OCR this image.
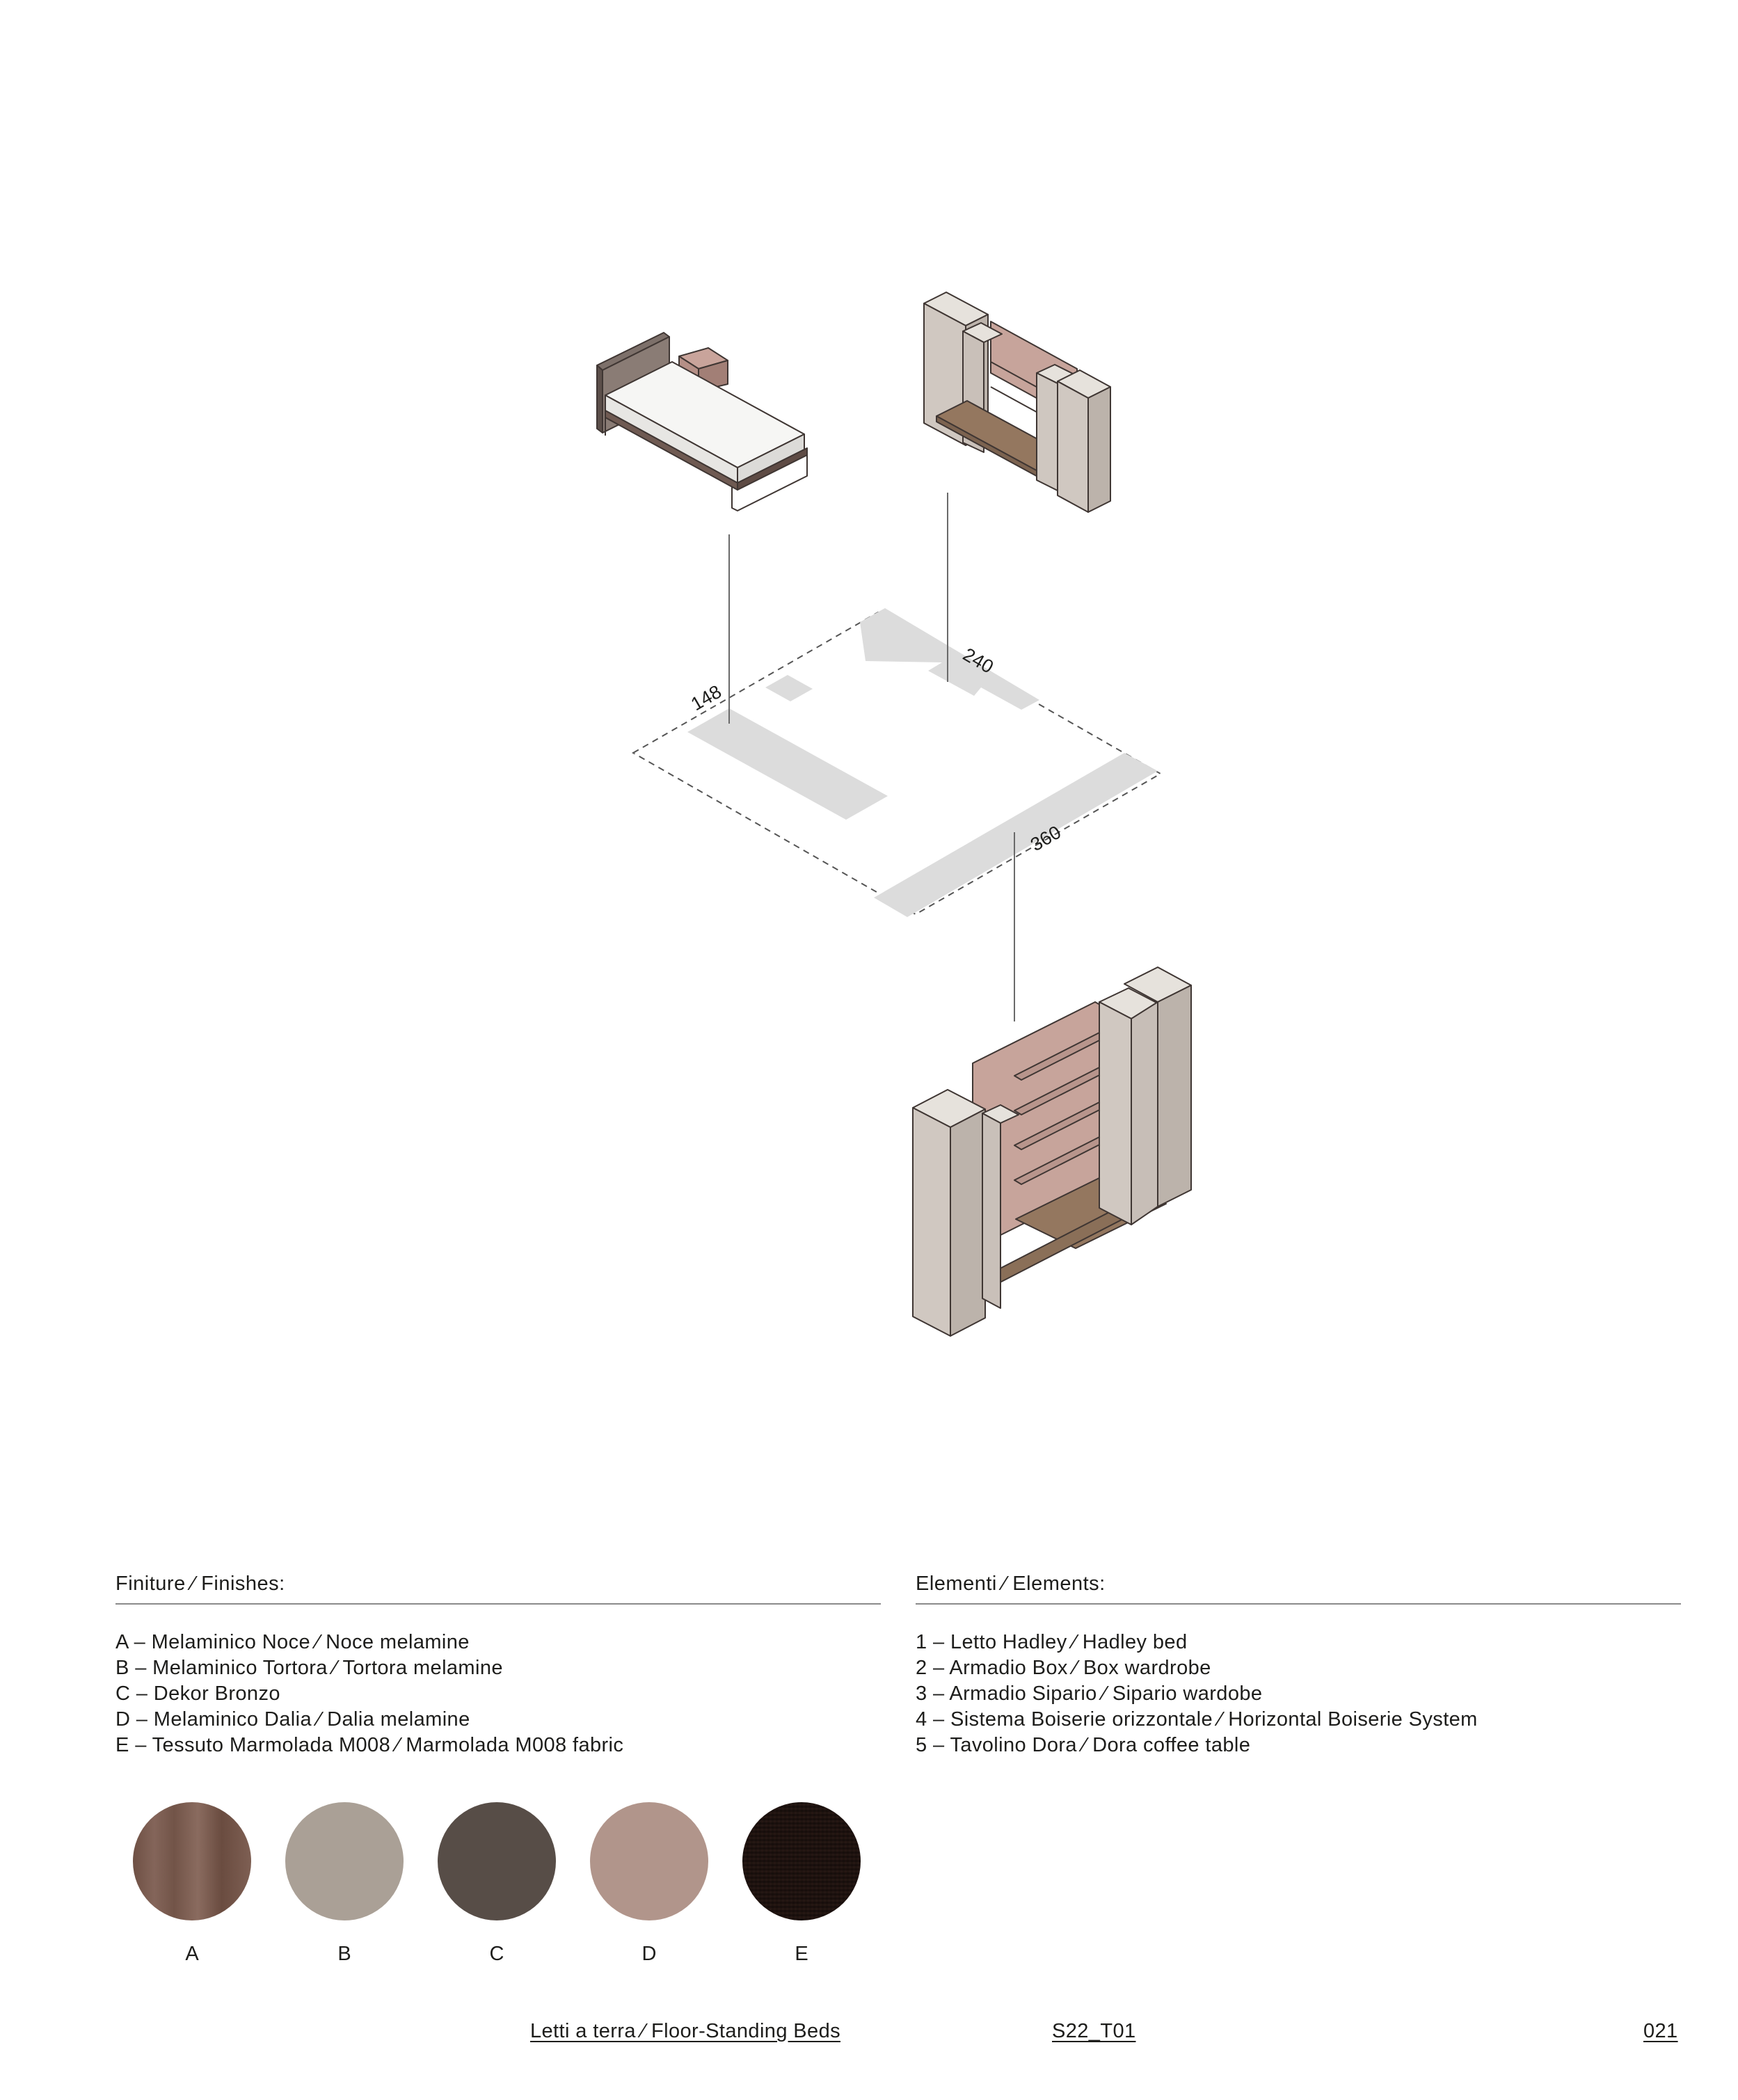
148
240
360
Finiture ⁄ Finishes:
A – Melaminico Noce ⁄ Noce melamine
B – Melaminico Tortora ⁄ Tortora melamine
C – Dekor Bronzo
D – Melaminico Dalia ⁄ Dalia melamine
E – Tessuto Marmolada M008 ⁄ Marmolada M008 fabric
Elementi ⁄ Elements:
1 – Letto Hadley ⁄ Hadley bed
2 – Armadio Box ⁄ Box wardrobe
3 – Armadio Sipario ⁄ Sipario wardobe
4 – Sistema Boiserie orizzontale ⁄ Horizontal Boiserie System
5 – Tavolino Dora ⁄ Dora coffee table
A	B	C	D	E
Letti a terra ⁄ Floor-Standing Beds	S22_T01	021
